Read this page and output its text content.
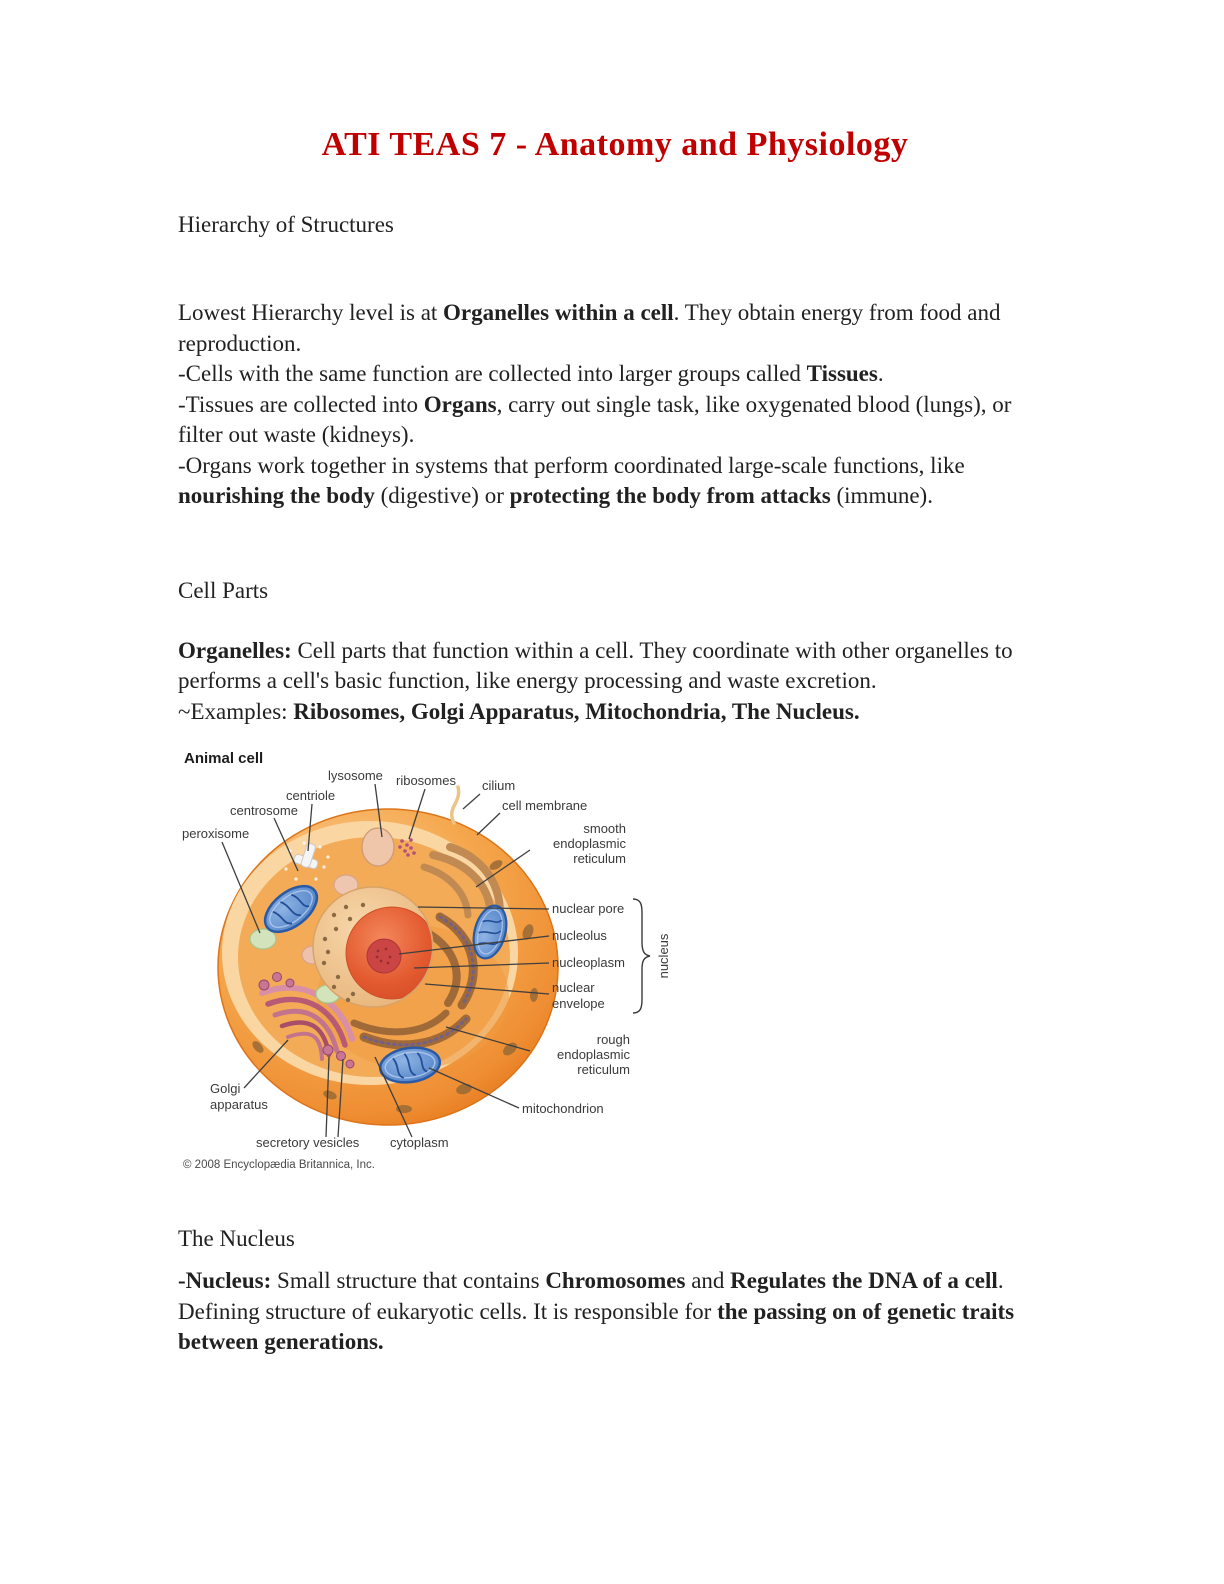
ATI TEAS 7 - Anatomy and Physiology
Hierarchy of Structures

Lowest Hierarchy level is at Organelles within a cell. They obtain energy from food and reproduction.

-Cells with the same function are collected into larger groups called Tissues.

-Tissues are collected into Organs, carry out single task, like oxygenated blood (lungs), or filter out waste (kidneys).

-Organs work together in systems that perform coordinated large-scale functions, like nourishing the body (digestive) or protecting the body from attacks (immune).

Cell Parts

Organelles: Cell parts that function within a cell. They coordinate with other organelles to performs a cell's basic function, like energy processing and waste excretion.

~Examples: Ribosomes, Golgi Apparatus, Mitochondria, The Nucleus.

Animal cell
lysosome ribosomes cilium
centriole
cell membrane
centrosome
peroxisome	smooth
endoplasmic
reticulum
nuclear pore
nucleolus
nucleoplasm
nuclear
envelope
nucleus
rough
endoplasmic
reticulum
mitochondrion
Golgi
apparatus
secretory vesicles cytoplasm
© 2008 Encyclopædia Britannica, Inc.
The Nucleus

-Nucleus: Small structure that contains Chromosomes and Regulates the DNA of a cell. Defining structure of eukaryotic cells. It is responsible for the passing on of genetic traits between generations.
